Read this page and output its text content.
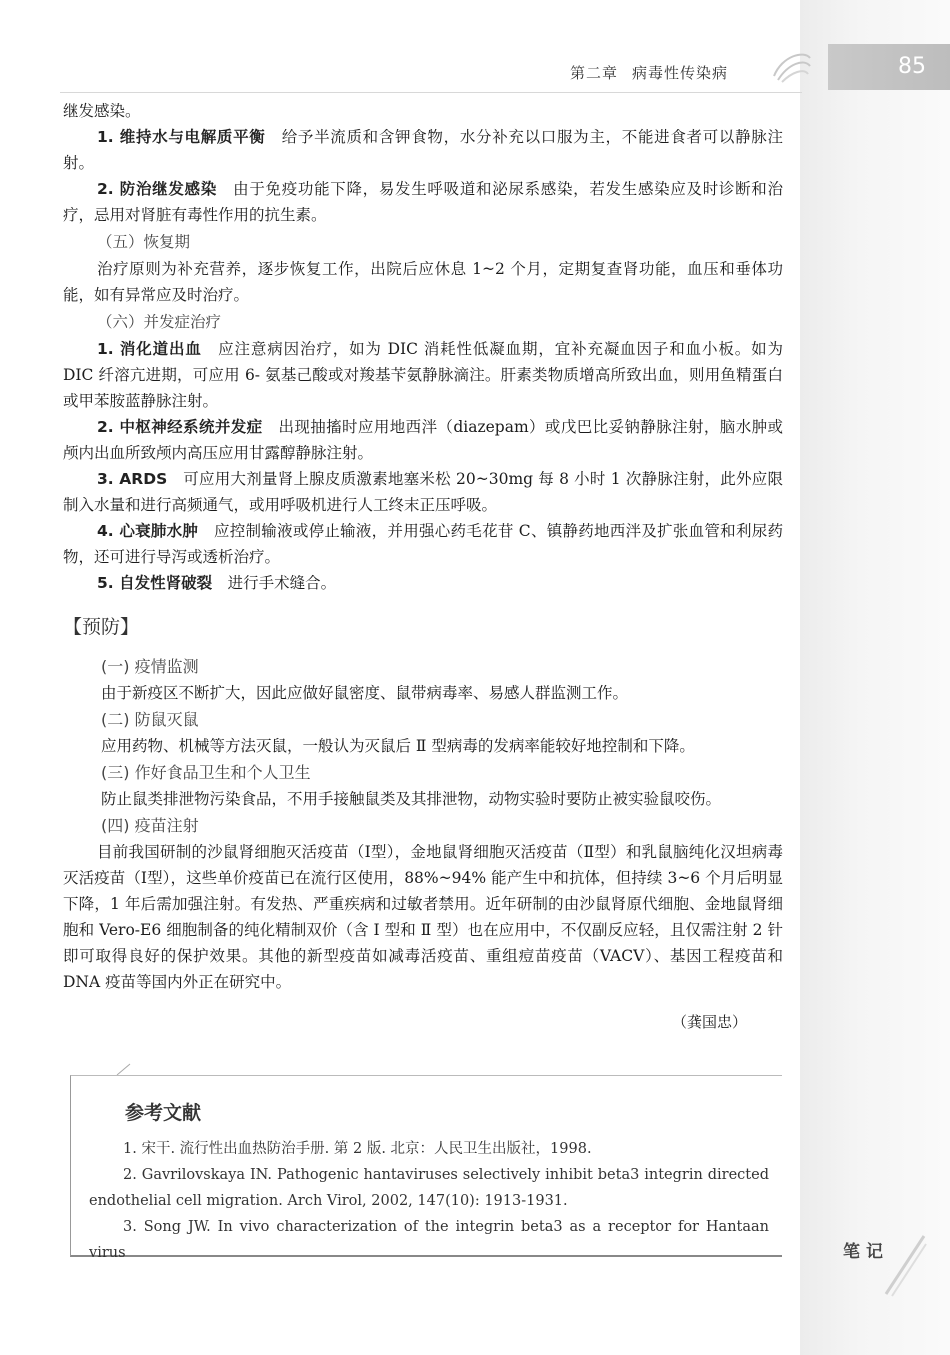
85
第二章 病毒性传染病

继发感染。

1. 维持水与电解质平衡　 给予半流质和含钾食物，水分补充以口服为主，不能进食者可以静脉注射。

2. 防治继发感染　 由于免疫功能下降，易发生呼吸道和泌尿系感染，若发生感染应及时诊断和治疗，忌用对肾脏有毒性作用的抗生素。

（五）恢复期

治疗原则为补充营养，逐步恢复工作，出院后应休息 1~2 个月，定期复查肾功能，血压和垂体功能，如有异常应及时治疗。

（六）并发症治疗

1. 消化道出血　 应注意病因治疗，如为 DIC 消耗性低凝血期，宜补充凝血因子和血小板。如为 DIC 纤溶亢进期，可应用 6- 氨基己酸或对羧基苄氨静脉滴注。肝素类物质增高所致出血，则用鱼精蛋白或甲苯胺蓝静脉注射。

2. 中枢神经系统并发症　 出现抽搐时应用地西泮（diazepam）或戊巴比妥钠静脉注射，脑水肿或颅内出血所致颅内高压应用甘露醇静脉注射。

3. ARDS　 可应用大剂量肾上腺皮质激素地塞米松 20~30mg 每 8 小时 1 次静脉注射，此外应限制入水量和进行高频通气，或用呼吸机进行人工终末正压呼吸。

4. 心衰肺水肿　 应控制输液或停止输液，并用强心药毛花苷 C、镇静药地西泮及扩张血管和利尿药物，还可进行导泻或透析治疗。

5. 自发性肾破裂　 进行手术缝合。

【预防】

(一) 疫情监测

由于新疫区不断扩大，因此应做好鼠密度、鼠带病毒率、易感人群监测工作。

(二) 防鼠灭鼠

应用药物、机械等方法灭鼠，一般认为灭鼠后 Ⅱ 型病毒的发病率能较好地控制和下降。

(三) 作好食品卫生和个人卫生

防止鼠类排泄物污染食品，不用手接触鼠类及其排泄物，动物实验时要防止被实验鼠咬伤。

(四) 疫苗注射

目前我国研制的沙鼠肾细胞灭活疫苗（Ⅰ型），金地鼠肾细胞灭活疫苗（Ⅱ型）和乳鼠脑纯化汉坦病毒灭活疫苗（Ⅰ型），这些单价疫苗已在流行区使用，88%~94% 能产生中和抗体，但持续 3~6 个月后明显下降，1 年后需加强注射。有发热、严重疾病和过敏者禁用。近年研制的由沙鼠肾原代细胞、金地鼠肾细胞和 Vero-E6 细胞制备的纯化精制双价（含 Ⅰ 型和 Ⅱ 型）也在应用中，不仅副反应轻，且仅需注射 2 针即可取得良好的保护效果。其他的新型疫苗如减毒活疫苗、重组痘苗疫苗（VACV）、基因工程疫苗和 DNA 疫苗等国内外正在研究中。

（龚国忠）

参考文献

1. 宋干. 流行性出血热防治手册. 第 2 版. 北京：人民卫生出版社，1998.

2. Gavrilovskaya IN. Pathogenic hantaviruses selectively inhibit beta3 integrin directed endothelial cell migration. Arch Virol, 2002, 147(10): 1913-1931.

3. Song JW. In vivo characterization of the integrin beta3 as a receptor for Hantaan virus	笔记
